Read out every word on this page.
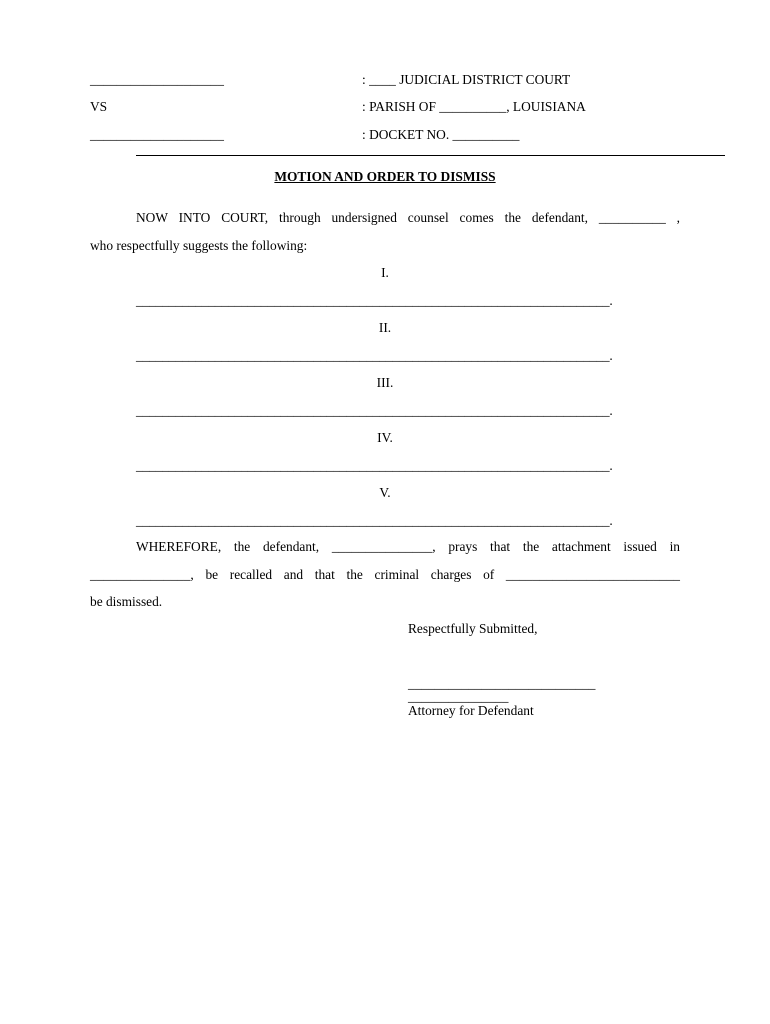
____________________	: ____ JUDICIAL DISTRICT COURT
VS	: PARISH OF __________, LOUISIANA
____________________	: DOCKET NO. __________
MOTION AND ORDER TO DISMISS
NOW INTO COURT, through undersigned counsel comes the defendant, __________ ,
who respectfully suggests the following:
I.
________________________________________________________________________.
II.
________________________________________________________________________.
III.
________________________________________________________________________.
IV.
________________________________________________________________________.
V.
________________________________________________________________________.
WHEREFORE, the defendant, _______________, prays that the attachment issued in
_______________, be recalled and that the criminal charges of __________________________
be dismissed.
Respectfully Submitted,
____________________________
_______________
Attorney for Defendant
